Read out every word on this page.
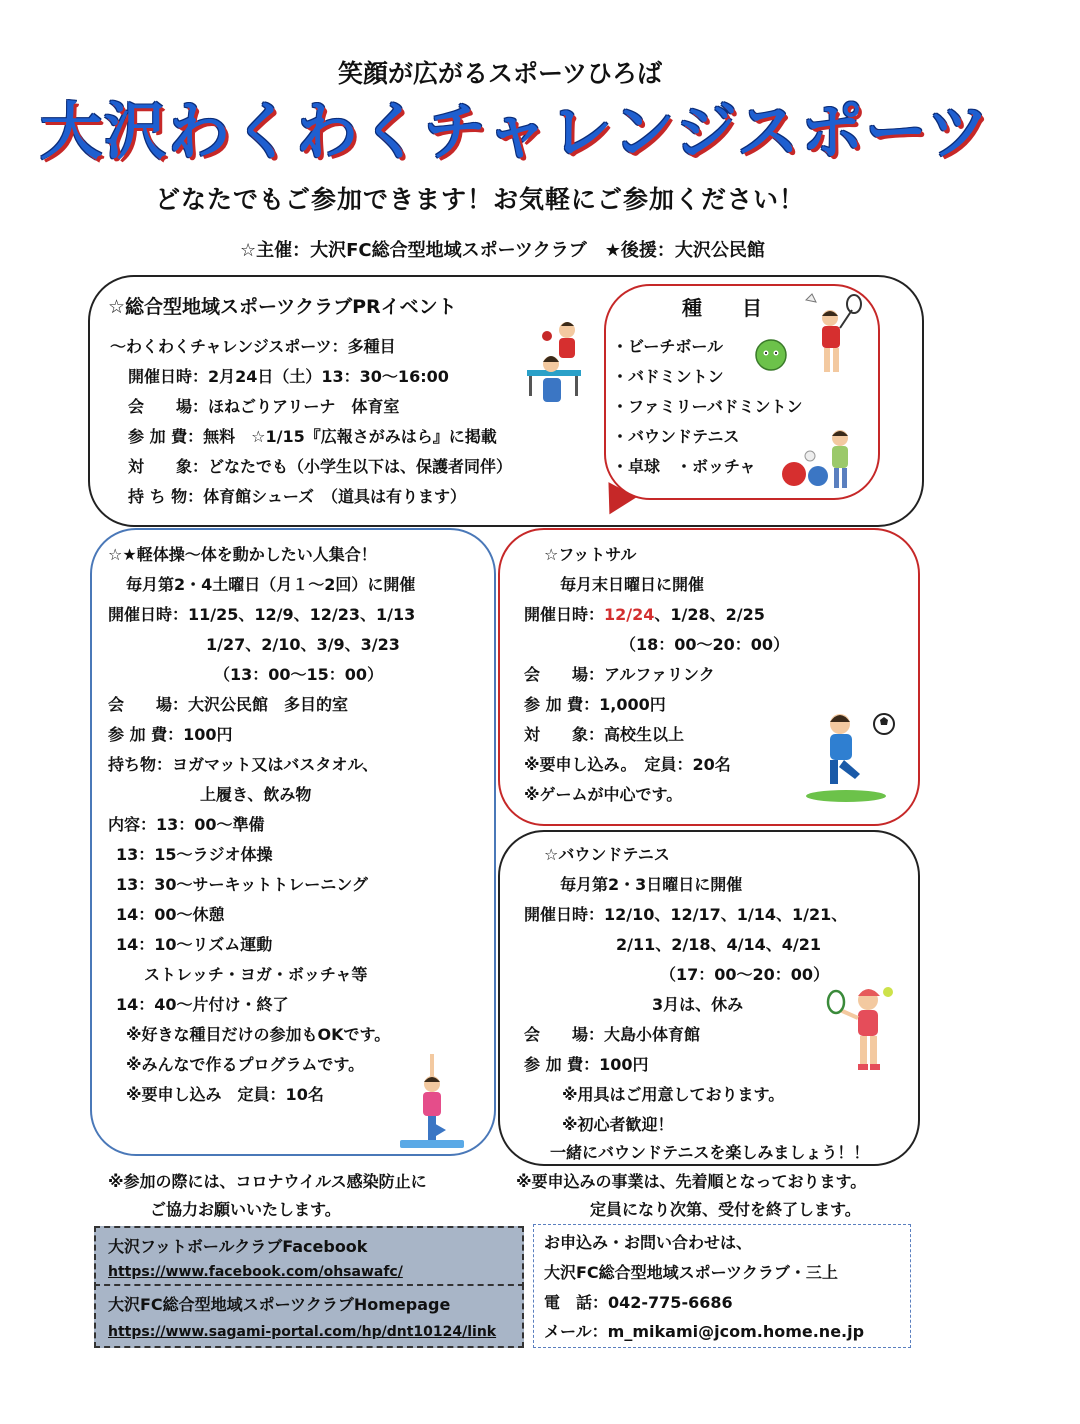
笑顔が広がるスポーツひろば
大沢わくわくチャレンジスポーツ
どなたでもご参加できます！お気軽にご参加ください！
☆主催：大沢FC総合型地域スポーツクラブ　★後援：大沢公民館
☆総合型地域スポーツクラブPRイベント
～わくわくチャレンジスポーツ：多種目
開催日時：2月24日（土）13：30～16:00
会　　場：ほねごりアリーナ　体育室
参 加 費：無料　☆1/15『広報さがみはら』に掲載
対　　象：どなたでも（小学生以下は、保護者同伴）
持 ち 物：体育館シューズ　（道具は有ります）
種　　目
・ビーチボール
・バドミントン
・ファミリーバドミントン
・バウンドテニス
・卓球　・ボッチャ
☆★軽体操～体を動かしたい人集合！
毎月第2・4土曜日（月１～2回）に開催
開催日時：11/25、12/9、12/23、1/13
1/27、2/10、3/9、3/23
（13：00～15：00）
会　　場：大沢公民館　多目的室
参 加 費：100円
持ち物：ヨガマット又はバスタオル、
上履き、飲み物
内容：13：00～準備
13：15～ラジオ体操
13：30～サーキットトレーニング
14：00～休憩
14：10～リズム運動
ストレッチ・ヨガ・ボッチャ等
14：40～片付け・終了
※好きな種目だけの参加もOKです。
※みんなで作るプログラムです。
※要申し込み　定員：10名
☆フットサル
毎月末日曜日に開催
開催日時：12/24、1/28、2/25
（18：00～20：00）
会　　場：アルファリンク
参 加 費：1,000円
対　　象：高校生以上
※要申し込み。　定員：20名
※ゲームが中心です。
☆バウンドテニス
毎月第2・3日曜日に開催
開催日時：12/10、12/17、1/14、1/21、
2/11、2/18、4/14、4/21
（17：00～20：00）
3月は、休み
会　　場：大島小体育館
参 加 費：100円
※用具はご用意しております。
※初心者歓迎！
一緒にバウンドテニスを楽しみましょう！！
※参加の際には、コロナウイルス感染防止に
ご協力お願いいたします。
※要申込みの事業は、先着順となっております。
定員になり次第、受付を終了します。
大沢フットボールクラブFacebook
https://www.facebook.com/ohsawafc/
大沢FC総合型地域スポーツクラブHomepage
https://www.sagami-portal.com/hp/dnt10124/link
お申込み・お問い合わせは、
大沢FC総合型地域スポーツクラブ・三上
電　話：042-775-6686
メール：m_mikami@jcom.home.ne.jp
